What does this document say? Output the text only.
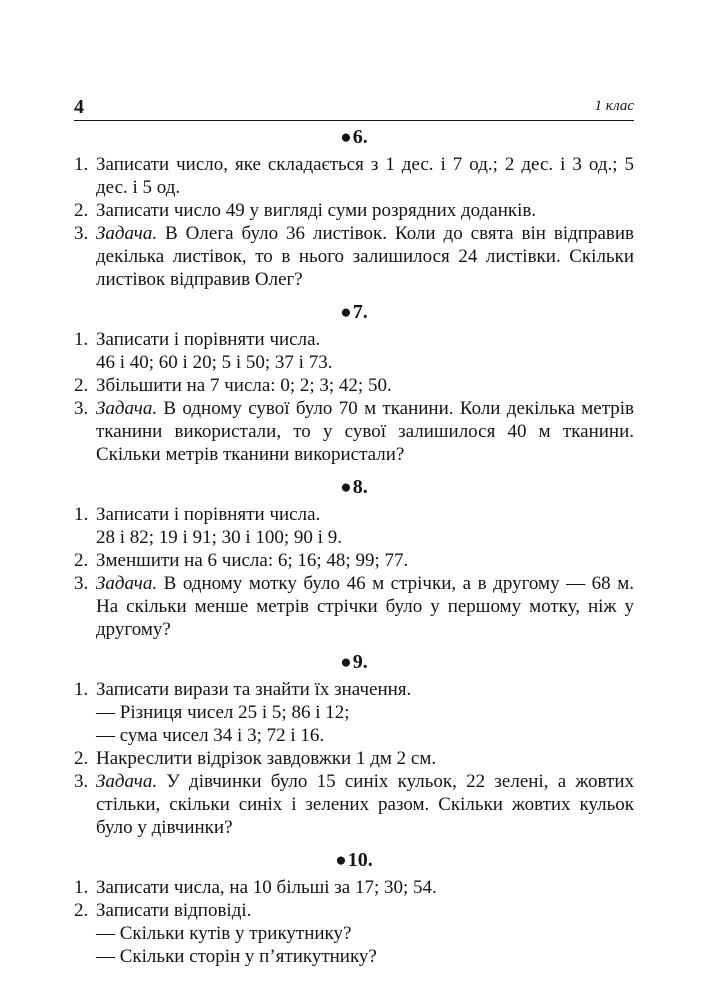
4	1 клас
●6.
1. Записати число, яке складається з 1 дес. і 7 од.; 2 дес. і 3 од.; 5 дес. і 5 од.
2. Записати число 49 у вигляді суми розрядних доданків.
3. Задача. В Олега було 36 листівок. Коли до свята він відправив декілька листівок, то в нього залишилося 24 листівки. Скільки листівок відправив Олег?
●7.
1. Записати і порівняти числа.
46 і 40; 60 і 20; 5 і 50; 37 і 73.
2. Збільшити на 7 числа: 0; 2; 3; 42; 50.
3. Задача. В одному сувої було 70 м тканини. Коли декілька метрів тканини використали, то у сувої залишилося 40 м тканини. Скільки метрів тканини використали?
●8.
1. Записати і порівняти числа.
28 і 82; 19 і 91; 30 і 100; 90 і 9.
2. Зменшити на 6 числа: 6; 16; 48; 99; 77.
3. Задача. В одному мотку було 46 м стрічки, а в другому — 68 м. На скільки менше метрів стрічки було у першому мотку, ніж у другому?
●9.
1. Записати вирази та знайти їх значення.
— Різниця чисел 25 і 5; 86 і 12;
— сума чисел 34 і 3; 72 і 16.
2. Накреслити відрізок завдовжки 1 дм 2 см.
3. Задача. У дівчинки було 15 синіх кульок, 22 зелені, а жовтих стільки, скільки синіх і зелених разом. Скільки жовтих кульок було у дівчинки?
●10.
1. Записати числа, на 10 більші за 17; 30; 54.
2. Записати відповіді.
— Скільки кутів у трикутнику?
— Скільки сторін у п’ятикутнику?
